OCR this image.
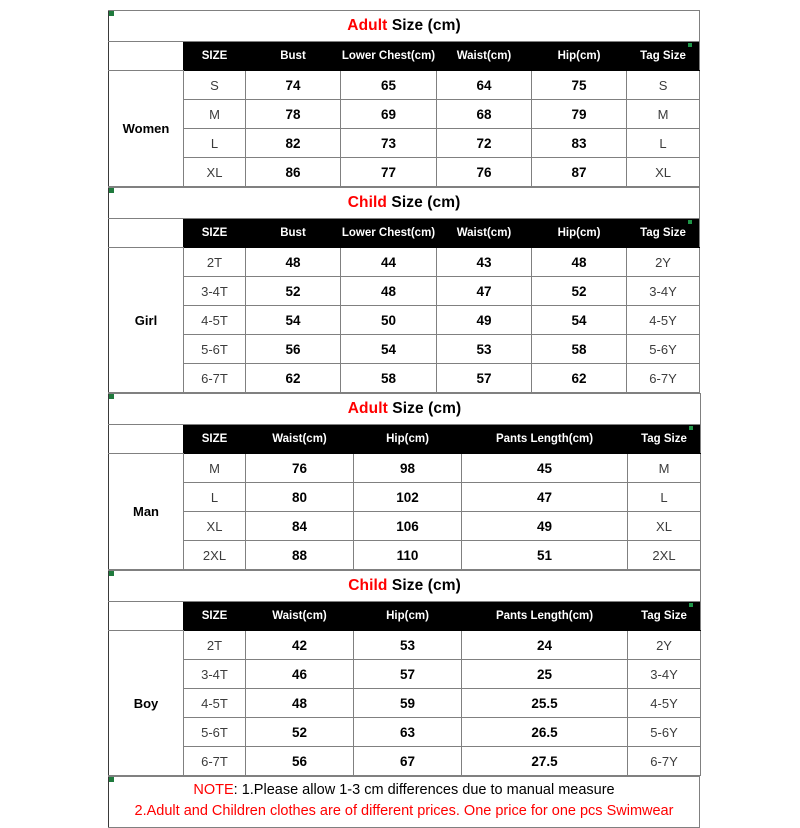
Adult Size (cm)						
	SIZE	Bust	Lower Chest(cm)	Waist(cm)	Hip(cm)	Tag Size

Women	S	74	65	64	75	S
	M	78	69	68	79	M
	L	82	73	72	83	L
	XL	86	77	76	87	XL
Child Size (cm)						
	SIZE	Bust	Lower Chest(cm)	Waist(cm)	Hip(cm)	Tag Size

Girl	2T	48	44	43	48	2Y
	3-4T	52	48	47	52	3-4Y
	4-5T	54	50	49	54	4-5Y
	5-6T	56	54	53	58	5-6Y
	6-7T	62	58	57	62	6-7Y
Adult Size (cm)					
	SIZE	Waist(cm)	Hip(cm)	Pants Length(cm)	Tag Size

Man	M	76	98	45	M
	L	80	102	47	L
	XL	84	106	49	XL
	2XL	88	110	51	2XL
Child Size (cm)					
	SIZE	Waist(cm)	Hip(cm)	Pants Length(cm)	Tag Size

Boy	2T	42	53	24	2Y
	3-4T	46	57	25	3-4Y
	4-5T	48	59	25.5	4-5Y
	5-6T	52	63	26.5	5-6Y
	6-7T	56	67	27.5	6-7Y
NOTE: 1.Please allow 1-3 cm differences due to manual measure
2.Adult and Children clothes are of different prices. One price for one pcs Swimwear
